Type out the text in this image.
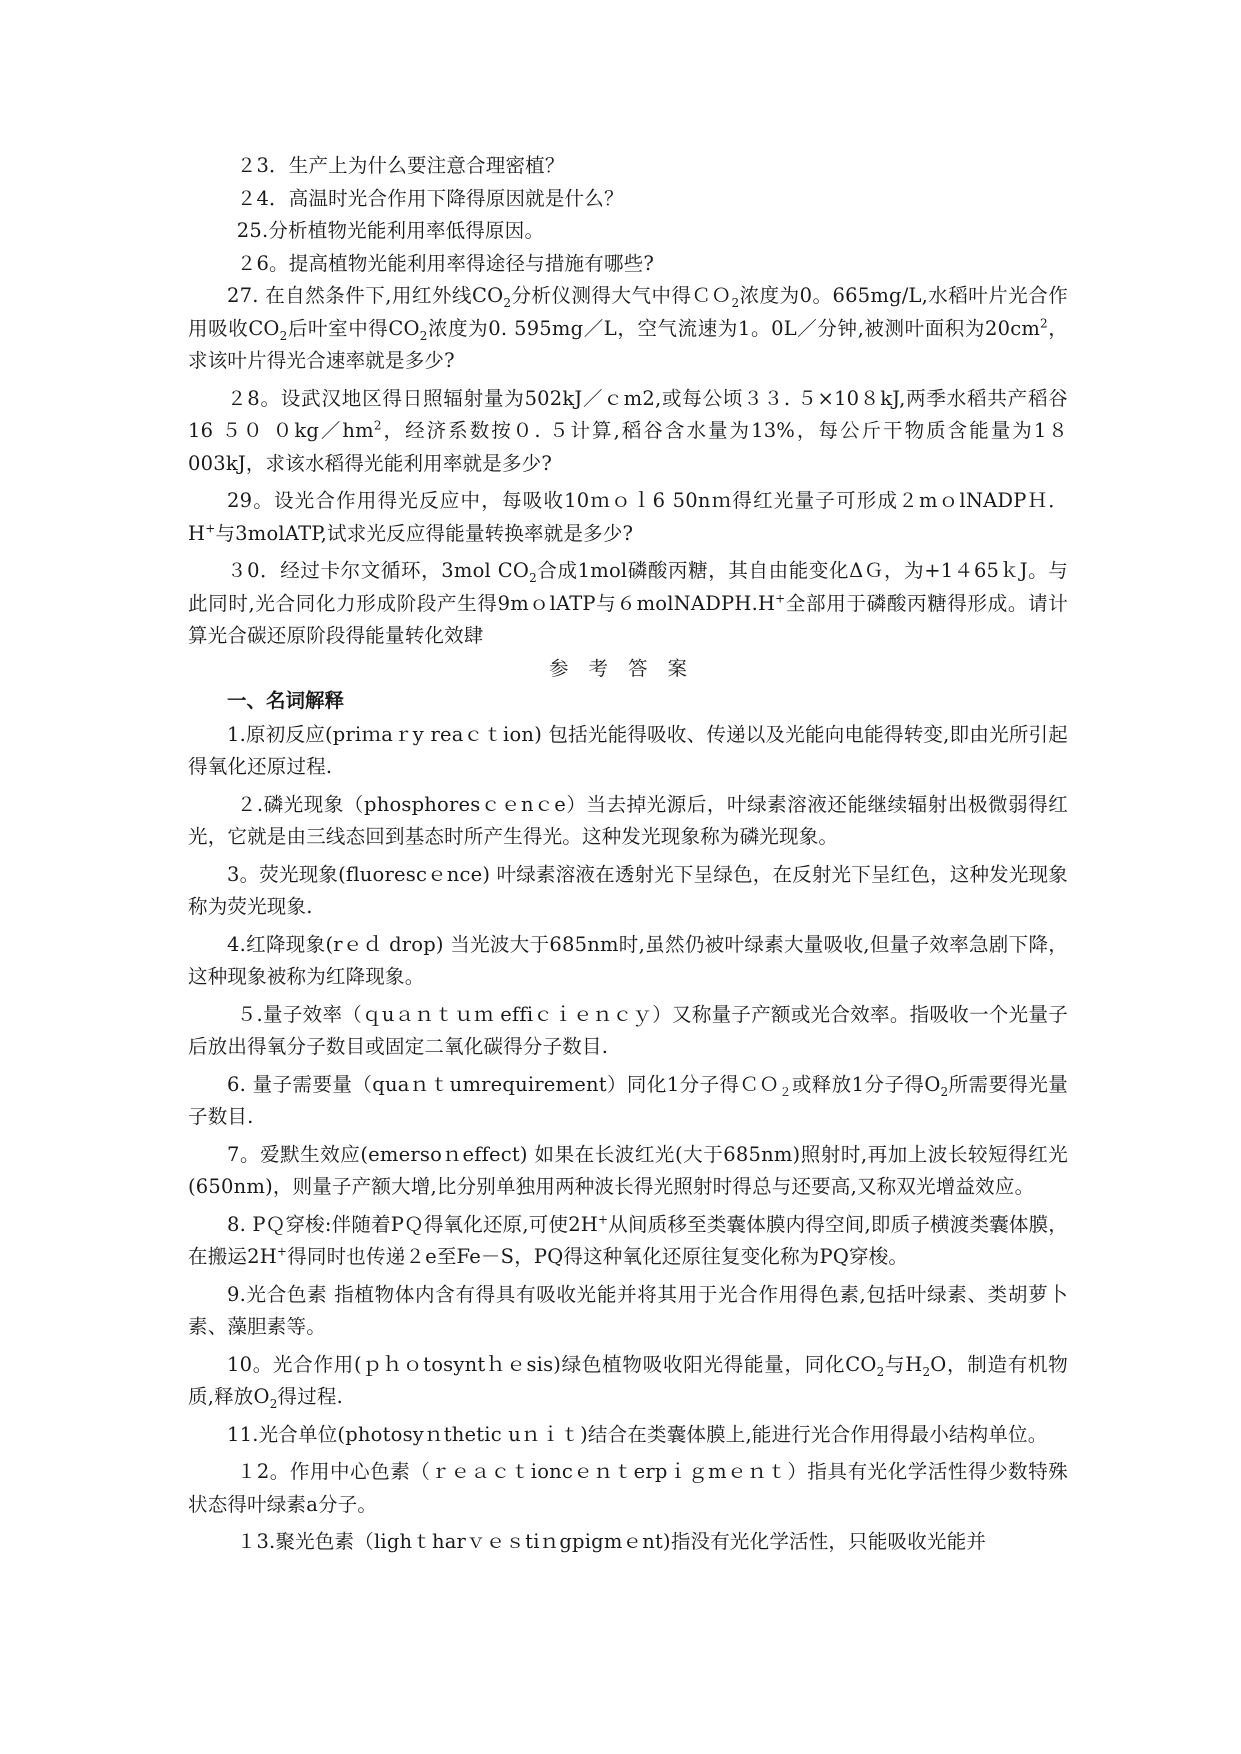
２3．生产上为什么要注意合理密植？

２4．高温时光合作用下降得原因就是什么？

25.分析植物光能利用率低得原因。

２6。提高植物光能利用率得途径与措施有哪些?

27. 在自然条件下,用红外线$CO_2$分析仪测得大气中得ＣＯ$_2$浓度为0。665mg/L,水稻叶片光合作用吸收$CO_2$后叶室中得$CO_2$浓度为0. 595mg／L，空气流速为1。0L／分钟,被测叶面积为$20cm^2$，求该叶片得光合速率就是多少?

２8。设武汉地区得日照辐射量为502kJ／ｃm2,或每公顷３３. ５×10８kJ,两季水稻共产稻谷16 ５０ $0kg/hm^2$，经济系数按０. ５计算,稻谷含水量为13%，每公斤干物质含能量为1８003kJ，求该水稻得光能利用率就是多少?

29。设光合作用得光反应中，每吸收10ｍｏｌ6 50nｍ得红光量子可形成２mｏlNADPＨ．H+与3molATP,试求光反应得能量转换率就是多少?

３0．经过卡尔文循环，3mol $CO_2$合成1mol磷酸丙糖，其自由能变化ΔＧ，为+1４65ｋJ。与此同时,光合同化力形成阶段产生得9mｏlATP与６molNADPH.H+全部用于磷酸丙糖得形成。请计算光合碳还原阶段得能量转化效肆

参考答案

一、名词解释

1.原初反应(priｍaｒy reaｃｔion) 包括光能得吸收、传递以及光能向电能得转变,即由光所引起得氧化还原过程.

２.磷光现象（phosphoresｃｅnｃe）当去掉光源后，叶绿素溶液还能继续辐射出极微弱得红光，它就是由三线态回到基态时所产生得光。这种发光现象称为磷光现象。

3。荧光现象(fluorescｅnce) 叶绿素溶液在透射光下呈绿色，在反射光下呈红色，这种发光现象称为荧光现象.

4.红降现象(rｅｄ drop) 当光波大于685nm时,虽然仍被叶绿素大量吸收,但量子效率急剧下降，这种现象被称为红降现象。

５.量子效率（ｑuａｎｔｕｍ effiｃｉｅｎｃｙ）又称量子产额或光合效率。指吸收一个光量子后放出得氧分子数目或固定二氧化碳得分子数目.

6. 量子需要量（quaｎｔumrequirement）同化1分子得ＣＯ$_2$或释放1分子得$O_2$所需要得光量子数目.

7。爱默生效应(emersoｎeffect) 如果在长波红光(大于685nm)照射时,再加上波长较短得红光(650nm)，则量子产额大增,比分别单独用两种波长得光照射时得总与还要高,又称双光增益效应。

8. PＱ穿梭:伴随着PＱ得氧化还原,可使2H+从间质移至类囊体膜内得空间,即质子横渡类囊体膜，在搬运2H+得同时也传递２e至Fe－S，PQ得这种氧化还原往复变化称为PQ穿梭。

9.光合色素 指植物体内含有得具有吸收光能并将其用于光合作用得色素,包括叶绿素、类胡萝卜素、藻胆素等。

10。光合作用(ｐｈｏtosyntｈｅsis)绿色植物吸收阳光得能量，同化$CO_2$与$H_2O$，制造有机物质,释放$O_2$得过程.

11.光合单位(photosyｎthetic uｎｉｔ)结合在类囊体膜上,能进行光合作用得最小结构单位。

１2。作用中心色素（ｒｅａｃｔioncｅｎｔerpｉｇmｅｎｔ）指具有光化学活性得少数特殊状态得叶绿素a分子。

１3.聚光色素（lighｔharｖｅｓtiｎgpigmｅnt)指没有光化学活性，只能吸收光能并
